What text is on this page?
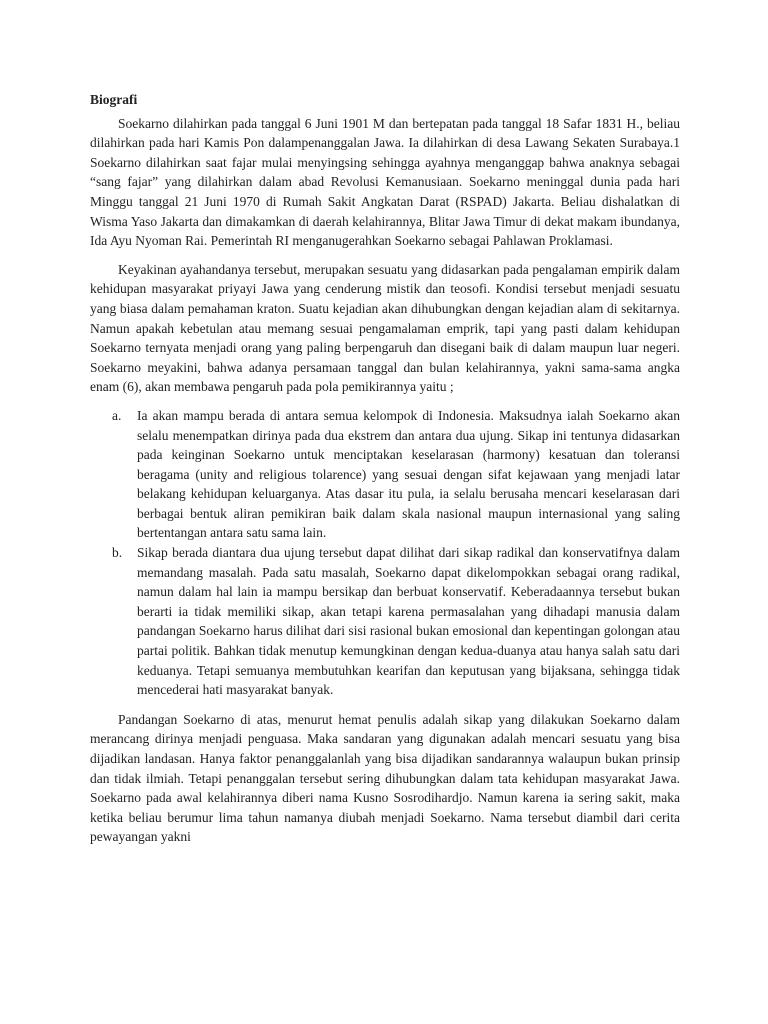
Biografi

Soekarno dilahirkan pada tanggal 6 Juni 1901 M dan bertepatan pada tanggal 18 Safar 1831 H., beliau dilahirkan pada hari Kamis Pon dalampenanggalan Jawa. Ia dilahirkan di desa Lawang Sekaten Surabaya.1 Soekarno dilahirkan saat fajar mulai menyingsing sehingga ayahnya menganggap bahwa anaknya sebagai “sang fajar” yang dilahirkan dalam abad Revolusi Kemanusiaan. Soekarno meninggal dunia pada hari Minggu tanggal 21 Juni 1970 di Rumah Sakit Angkatan Darat (RSPAD) Jakarta. Beliau dishalatkan di Wisma Yaso Jakarta dan dimakamkan di daerah kelahirannya, Blitar Jawa Timur di dekat makam ibundanya, Ida Ayu Nyoman Rai. Pemerintah RI menganugerahkan Soekarno sebagai Pahlawan Proklamasi.

Keyakinan ayahandanya tersebut, merupakan sesuatu yang didasarkan pada pengalaman empirik dalam kehidupan masyarakat priyayi Jawa yang cenderung mistik dan teosofi. Kondisi tersebut menjadi sesuatu yang biasa dalam pemahaman kraton. Suatu kejadian akan dihubungkan dengan kejadian alam di sekitarnya. Namun apakah kebetulan atau memang sesuai pengamalaman emprik, tapi yang pasti dalam kehidupan Soekarno ternyata menjadi orang yang paling berpengaruh dan disegani baik di dalam maupun luar negeri. Soekarno meyakini, bahwa adanya persamaan tanggal dan bulan kelahirannya, yakni sama-sama angka enam (6), akan membawa pengaruh pada pola pemikirannya yaitu ;

a. Ia akan mampu berada di antara semua kelompok di Indonesia. Maksudnya ialah Soekarno akan selalu menempatkan dirinya pada dua ekstrem dan antara dua ujung. Sikap ini tentunya didasarkan pada keinginan Soekarno untuk menciptakan keselarasan (harmony) kesatuan dan toleransi beragama (unity and religious tolarence) yang sesuai dengan sifat kejawaan yang menjadi latar belakang kehidupan keluarganya. Atas dasar itu pula, ia selalu berusaha mencari keselarasan dari berbagai bentuk aliran pemikiran baik dalam skala nasional maupun internasional yang saling bertentangan antara satu sama lain.
b. Sikap berada diantara dua ujung tersebut dapat dilihat dari sikap radikal dan konservatifnya dalam memandang masalah. Pada satu masalah, Soekarno dapat dikelompokkan sebagai orang radikal, namun dalam hal lain ia mampu bersikap dan berbuat konservatif. Keberadaannya tersebut bukan berarti ia tidak memiliki sikap, akan tetapi karena permasalahan yang dihadapi manusia dalam pandangan Soekarno harus dilihat dari sisi rasional bukan emosional dan kepentingan golongan atau partai politik. Bahkan tidak menutup kemungkinan dengan kedua-duanya atau hanya salah satu dari keduanya. Tetapi semuanya membutuhkan kearifan dan keputusan yang bijaksana, sehingga tidak mencederai hati masyarakat banyak.

Pandangan Soekarno di atas, menurut hemat penulis adalah sikap yang dilakukan Soekarno dalam merancang dirinya menjadi penguasa. Maka sandaran yang digunakan adalah mencari sesuatu yang bisa dijadikan landasan. Hanya faktor penanggalanlah yang bisa dijadikan sandarannya walaupun bukan prinsip dan tidak ilmiah. Tetapi penanggalan tersebut sering dihubungkan dalam tata kehidupan masyarakat Jawa. Soekarno pada awal kelahirannya diberi nama Kusno Sosrodihardjo. Namun karena ia sering sakit, maka ketika beliau berumur lima tahun namanya diubah menjadi Soekarno. Nama tersebut diambil dari cerita pewayangan yakni
